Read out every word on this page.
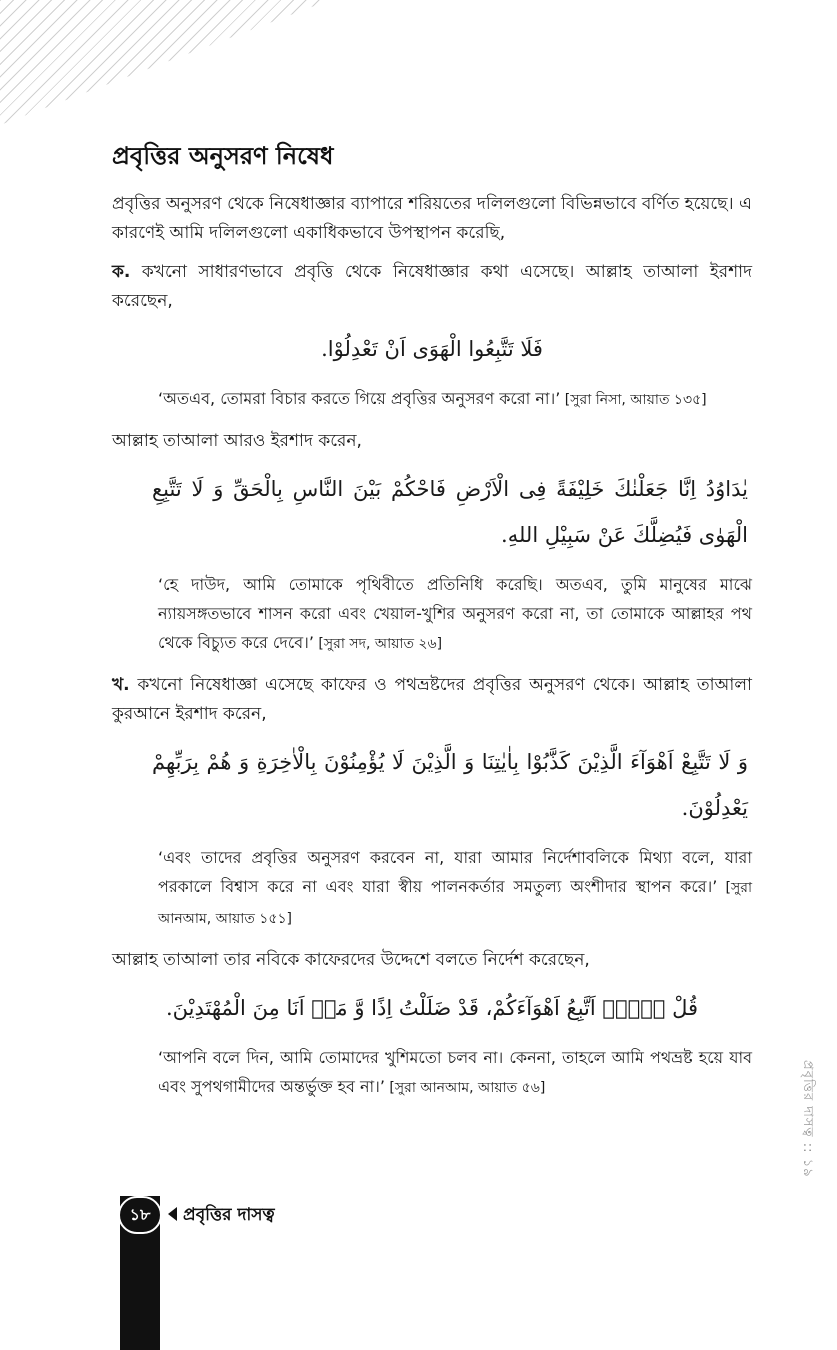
প্রবৃত্তির অনুসরণ নিষেধ

প্রবৃত্তির অনুসরণ থেকে নিষেধাজ্ঞার ব্যাপারে শরিয়তের দলিলগুলো বিভিন্নভাবে বর্ণিত হয়েছে। এ কারণেই আমি দলিলগুলো একাধিকভাবে উপস্থাপন করেছি,

ক. কখনো সাধারণভাবে প্রবৃত্তি থেকে নিষেধাজ্ঞার কথা এসেছে। আল্লাহ তাআলা ইরশাদ করেছেন,

فَلَا تَتَّبِعُوا الْهَوَى اَنْ تَعْدِلُوْا.

‘অতএব, তোমরা বিচার করতে গিয়ে প্রবৃত্তির অনুসরণ করো না।’ [সুরা নিসা, আয়াত ১৩৫]

আল্লাহ তাআলা আরও ইরশাদ করেন,

يٰدَاوُدُ اِنَّا جَعَلْنٰكَ خَلِيْفَةً فِى الْاَرْضِ فَاحْكُمْ بَيْنَ النَّاسِ بِالْحَقِّ وَ لَا تَتَّبِعِ الْهَوٰى فَيُضِلَّكَ عَنْ سَبِيْلِ اللهِ.

‘হে দাউদ, আমি তোমাকে পৃথিবীতে প্রতিনিধি করেছি। অতএব, তুমি মানুষের মাঝে ন্যায়সঙ্গতভাবে শাসন করো এবং খেয়াল-খুশির অনুসরণ করো না, তা তোমাকে আল্লাহর পথ থেকে বিচ্যুত করে দেবে।’ [সুরা সদ, আয়াত ২৬]

খ. কখনো নিষেধাজ্ঞা এসেছে কাফের ও পথভ্রষ্টদের প্রবৃত্তির অনুসরণ থেকে। আল্লাহ তাআলা কুরআনে ইরশাদ করেন,

وَ لَا تَتَّبِعْ اَهْوَآءَ الَّذِيْنَ كَذَّبُوْا بِاٰيٰتِنَا وَ الَّذِيْنَ لَا يُؤْمِنُوْنَ بِالْاٰخِرَةِ وَ هُمْ بِرَبِّهِمْ يَعْدِلُوْنَ.

‘এবং তাদের প্রবৃত্তির অনুসরণ করবেন না, যারা আমার নির্দেশাবলিকে মিথ্যা বলে, যারা পরকালে বিশ্বাস করে না এবং যারা স্বীয় পালনকর্তার সমতুল্য অংশীদার স্থাপন করে।’ [সুরা আনআম, আয়াত ১৫১]

আল্লাহ তাআলা তার নবিকে কাফেরদের উদ্দেশে বলতে নির্দেশ করেছেন,

قُلْ لَّاۤ اَتَّبِعُ اَهْوَآءَكُمْ، قَدْ ضَلَلْتُ اِذًا وَّ مَاۤ اَنَا مِنَ الْمُهْتَدِيْنَ.

‘আপনি বলে দিন, আমি তোমাদের খুশিমতো চলব না। কেননা, তাহলে আমি পথভ্রষ্ট হয়ে যাব এবং সুপথগামীদের অন্তর্ভুক্ত হব না।’ [সুরা আনআম, আয়াত ৫৬]	প্রবৃত্তির দাসত্ব :: ১৯
১৮	প্রবৃত্তির দাসত্ব
